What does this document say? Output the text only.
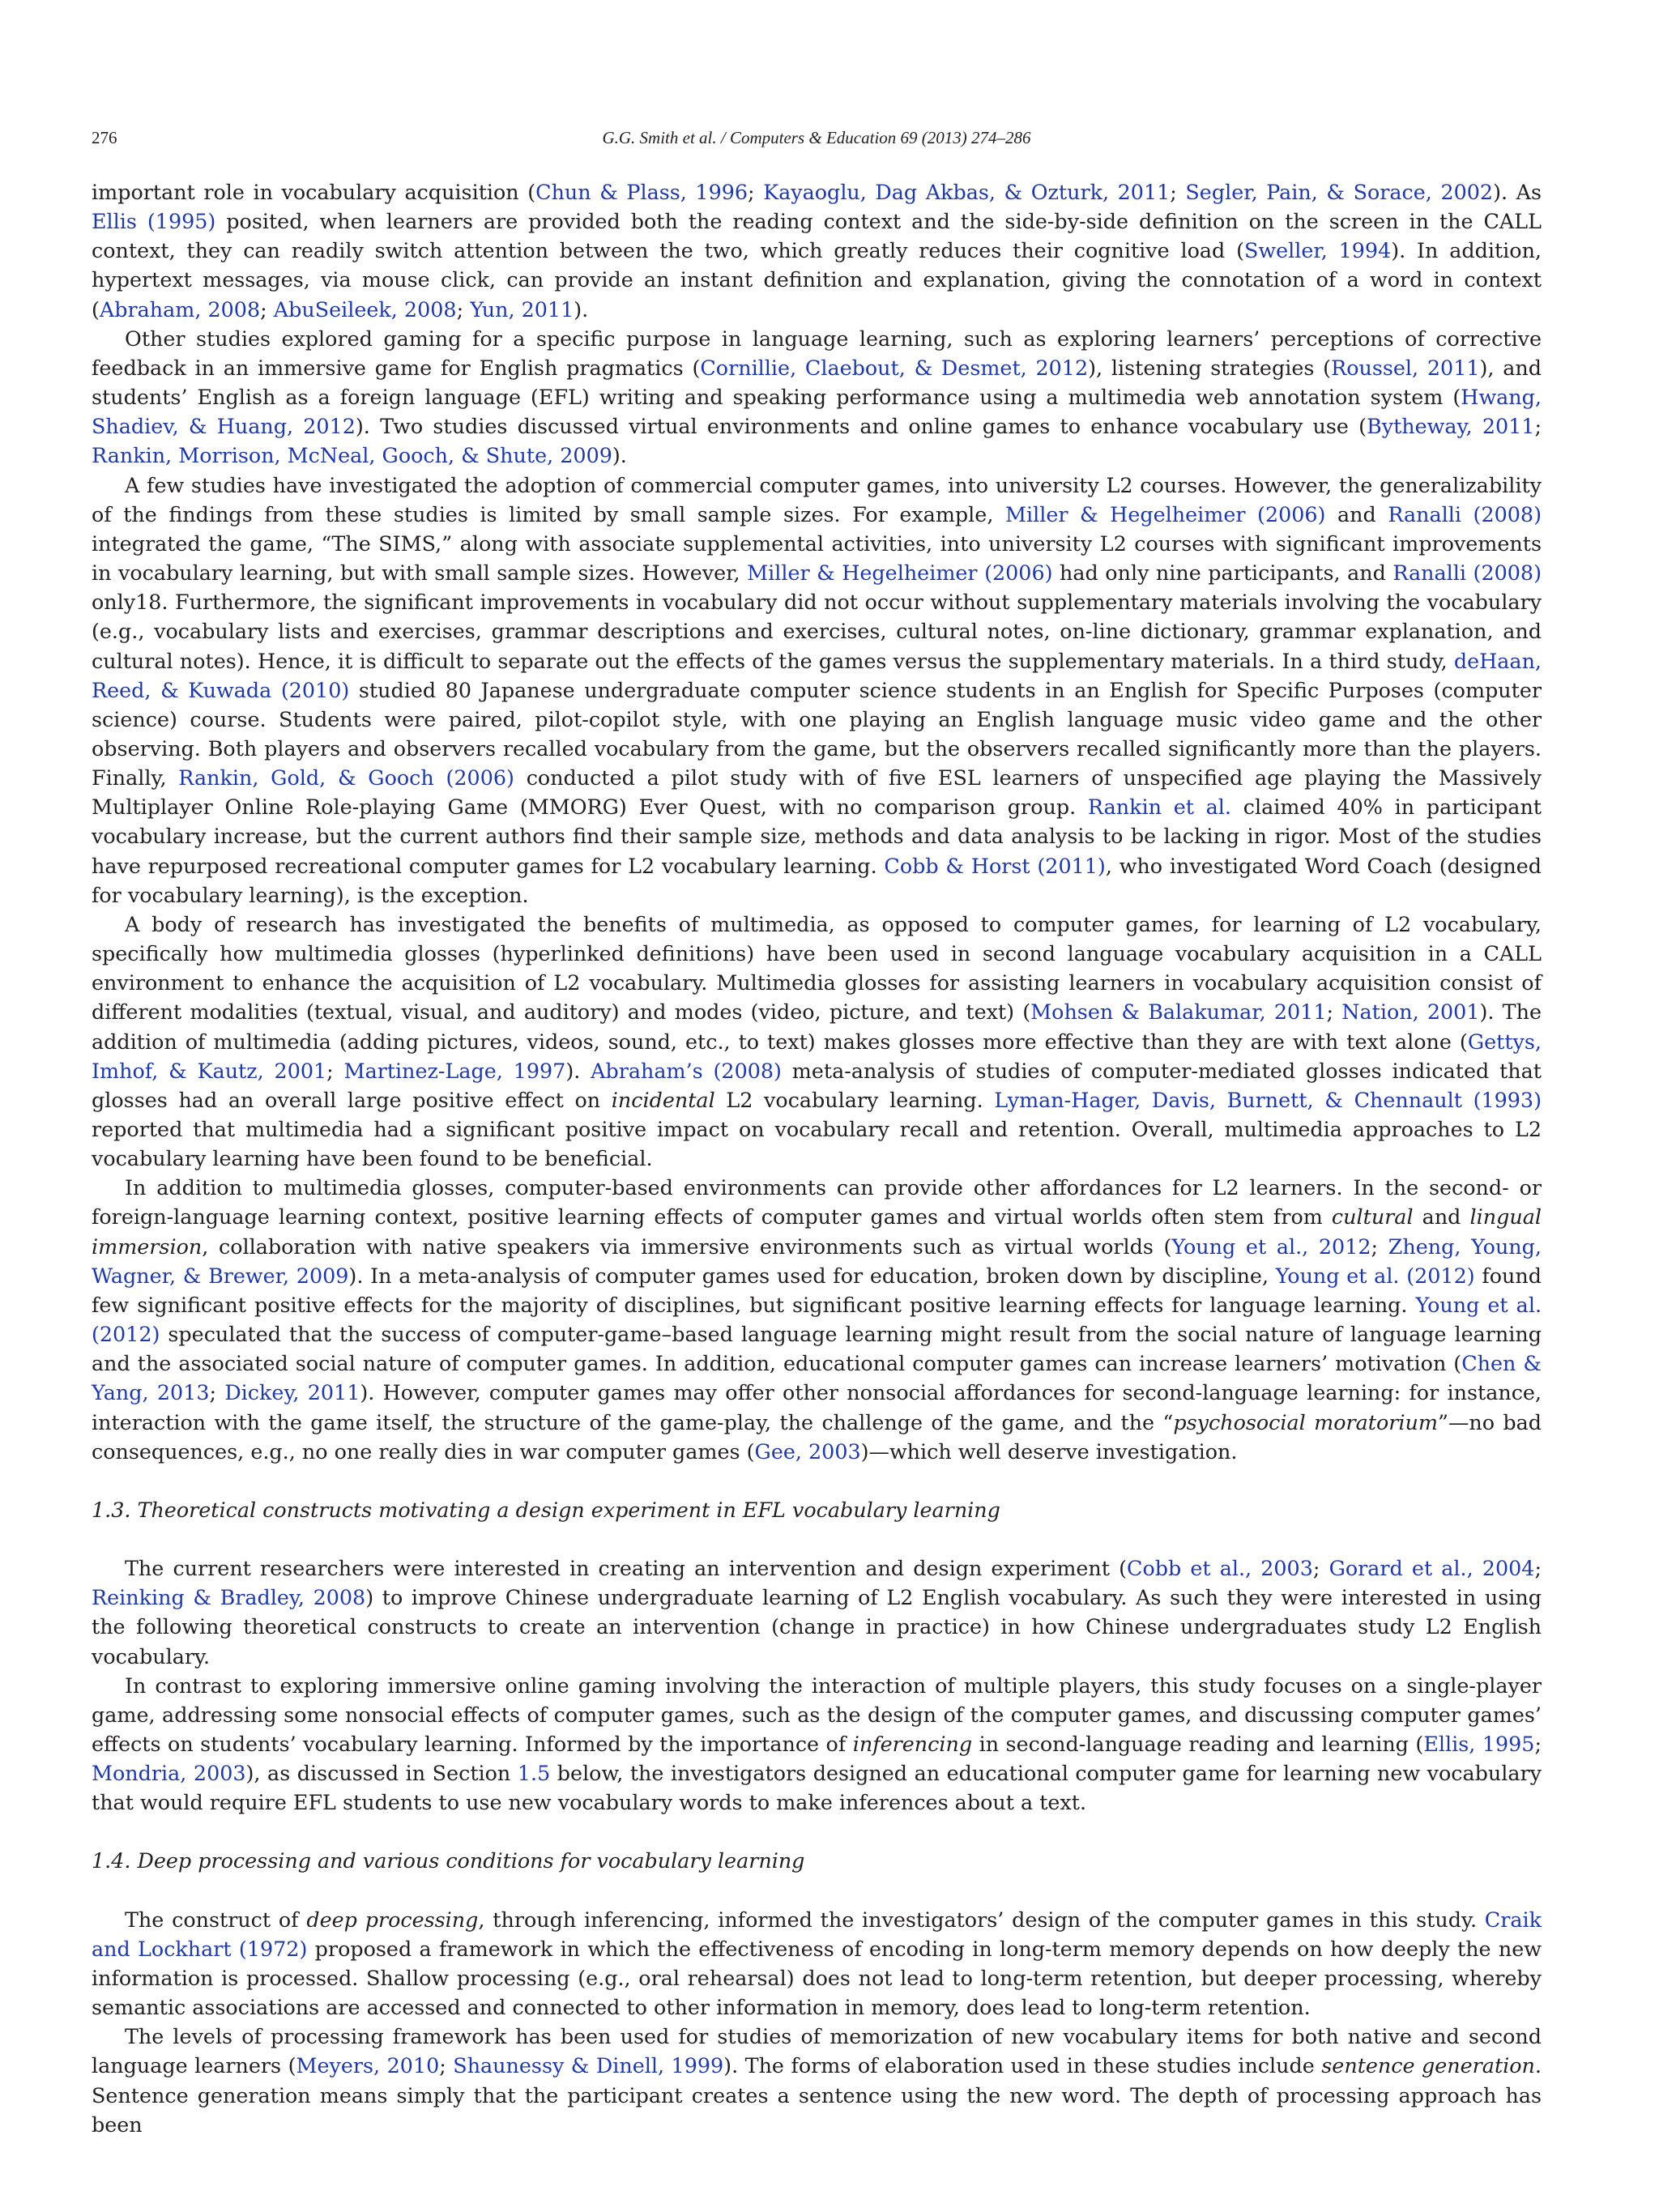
276	G.G. Smith et al. / Computers & Education 69 (2013) 274–286

important role in vocabulary acquisition (Chun & Plass, 1996; Kayaoglu, Dag Akbas, & Ozturk, 2011; Segler, Pain, & Sorace, 2002). As Ellis (1995) posited, when learners are provided both the reading context and the side-by-side definition on the screen in the CALL context, they can readily switch attention between the two, which greatly reduces their cognitive load (Sweller, 1994). In addition, hypertext messages, via mouse click, can provide an instant definition and explanation, giving the connotation of a word in context (Abraham, 2008; AbuSeileek, 2008; Yun, 2011).

Other studies explored gaming for a specific purpose in language learning, such as exploring learners’ perceptions of corrective feedback in an immersive game for English pragmatics (Cornillie, Claebout, & Desmet, 2012), listening strategies (Roussel, 2011), and students’ English as a foreign language (EFL) writing and speaking performance using a multimedia web annotation system (Hwang, Shadiev, & Huang, 2012). Two studies discussed virtual environments and online games to enhance vocabulary use (Bytheway, 2011; Rankin, Morrison, McNeal, Gooch, & Shute, 2009).

A few studies have investigated the adoption of commercial computer games, into university L2 courses. However, the generalizability of the findings from these studies is limited by small sample sizes. For example, Miller & Hegelheimer (2006) and Ranalli (2008) integrated the game, “The SIMS,” along with associate supplemental activities, into university L2 courses with significant improvements in vocabulary learning, but with small sample sizes. However, Miller & Hegelheimer (2006) had only nine participants, and Ranalli (2008) only18. Furthermore, the significant improvements in vocabulary did not occur without supplementary materials involving the vocabulary (e.g., vocabulary lists and exercises, grammar descriptions and exercises, cultural notes, on-line dictionary, grammar explanation, and cultural notes). Hence, it is difficult to separate out the effects of the games versus the supplementary materials. In a third study, deHaan, Reed, & Kuwada (2010) studied 80 Japanese undergraduate computer science students in an English for Specific Purposes (computer science) course. Students were paired, pilot-copilot style, with one playing an English language music video game and the other observing. Both players and observers recalled vocabulary from the game, but the observers recalled significantly more than the players. Finally, Rankin, Gold, & Gooch (2006) conducted a pilot study with of five ESL learners of unspecified age playing the Massively Multiplayer Online Role-playing Game (MMORG) Ever Quest, with no comparison group. Rankin et al. claimed 40% in participant vocabulary increase, but the current authors find their sample size, methods and data analysis to be lacking in rigor. Most of the studies have repurposed recreational computer games for L2 vocabulary learning. Cobb & Horst (2011), who investigated Word Coach (designed for vocabulary learning), is the exception.

A body of research has investigated the benefits of multimedia, as opposed to computer games, for learning of L2 vocabulary, specifically how multimedia glosses (hyperlinked definitions) have been used in second language vocabulary acquisition in a CALL environment to enhance the acquisition of L2 vocabulary. Multimedia glosses for assisting learners in vocabulary acquisition consist of different modalities (textual, visual, and auditory) and modes (video, picture, and text) (Mohsen & Balakumar, 2011; Nation, 2001). The addition of multimedia (adding pictures, videos, sound, etc., to text) makes glosses more effective than they are with text alone (Gettys, Imhof, & Kautz, 2001; Martinez-Lage, 1997). Abraham’s (2008) meta-analysis of studies of computer-mediated glosses indicated that glosses had an overall large positive effect on incidental L2 vocabulary learning. Lyman-Hager, Davis, Burnett, & Chennault (1993) reported that multimedia had a significant positive impact on vocabulary recall and retention. Overall, multimedia approaches to L2 vocabulary learning have been found to be beneficial.

In addition to multimedia glosses, computer-based environments can provide other affordances for L2 learners. In the second- or foreign-language learning context, positive learning effects of computer games and virtual worlds often stem from cultural and lingual immersion, collaboration with native speakers via immersive environments such as virtual worlds (Young et al., 2012; Zheng, Young, Wagner, & Brewer, 2009). In a meta-analysis of computer games used for education, broken down by discipline, Young et al. (2012) found few significant positive effects for the majority of disciplines, but significant positive learning effects for language learning. Young et al. (2012) speculated that the success of computer-game–based language learning might result from the social nature of language learning and the associated social nature of computer games. In addition, educational computer games can increase learners’ motivation (Chen & Yang, 2013; Dickey, 2011). However, computer games may offer other nonsocial affordances for second-language learning: for instance, interaction with the game itself, the structure of the game-play, the challenge of the game, and the “psychosocial moratorium”—no bad consequences, e.g., no one really dies in war computer games (Gee, 2003)—which well deserve investigation.

1.3. Theoretical constructs motivating a design experiment in EFL vocabulary learning

The current researchers were interested in creating an intervention and design experiment (Cobb et al., 2003; Gorard et al., 2004; Reinking & Bradley, 2008) to improve Chinese undergraduate learning of L2 English vocabulary. As such they were interested in using the following theoretical constructs to create an intervention (change in practice) in how Chinese undergraduates study L2 English vocabulary.

In contrast to exploring immersive online gaming involving the interaction of multiple players, this study focuses on a single-player game, addressing some nonsocial effects of computer games, such as the design of the computer games, and discussing computer games’ effects on students’ vocabulary learning. Informed by the importance of inferencing in second-language reading and learning (Ellis, 1995; Mondria, 2003), as discussed in Section 1.5 below, the investigators designed an educational computer game for learning new vocabulary that would require EFL students to use new vocabulary words to make inferences about a text.

1.4. Deep processing and various conditions for vocabulary learning

The construct of deep processing, through inferencing, informed the investigators’ design of the computer games in this study. Craik and Lockhart (1972) proposed a framework in which the effectiveness of encoding in long-term memory depends on how deeply the new information is processed. Shallow processing (e.g., oral rehearsal) does not lead to long-term retention, but deeper processing, whereby semantic associations are accessed and connected to other information in memory, does lead to long-term retention.

The levels of processing framework has been used for studies of memorization of new vocabulary items for both native and second language learners (Meyers, 2010; Shaunessy & Dinell, 1999). The forms of elaboration used in these studies include sentence generation. Sentence generation means simply that the participant creates a sentence using the new word. The depth of processing approach has been
